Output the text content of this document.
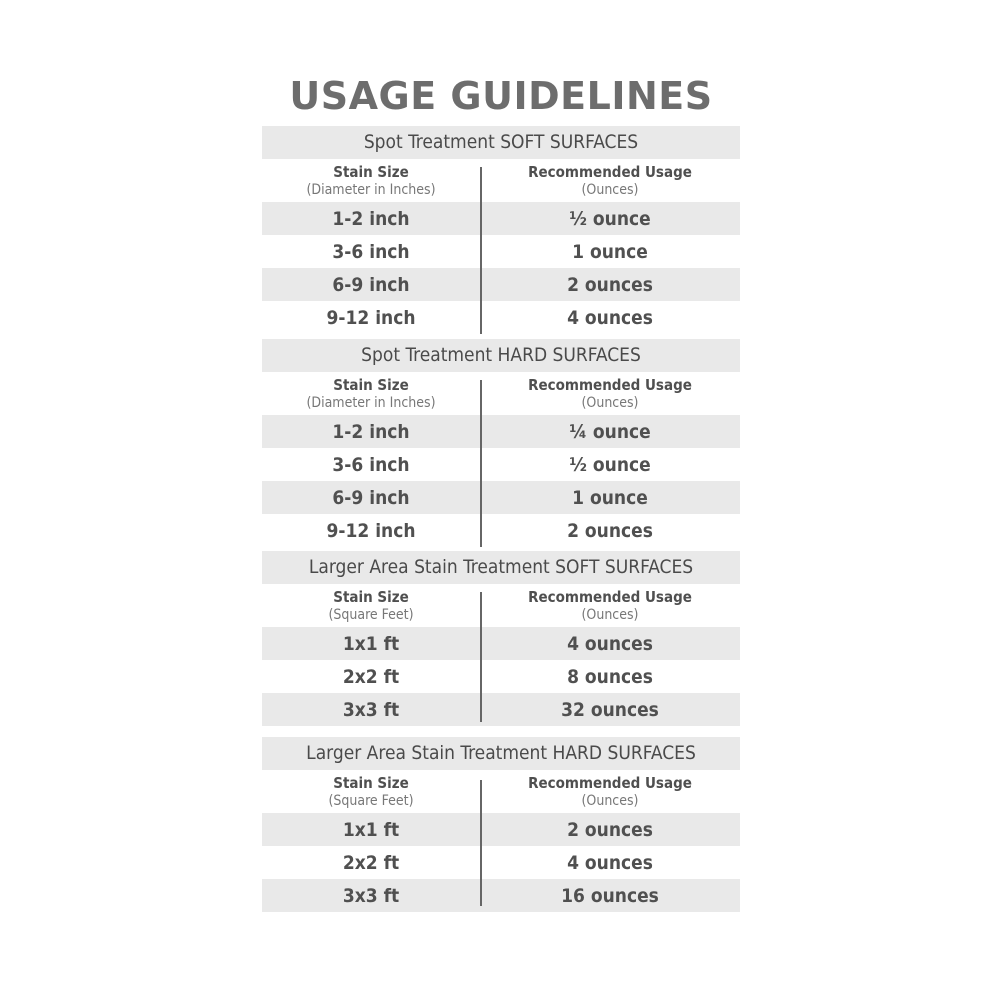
USAGE GUIDELINES
Spot Treatment SOFT SURFACES
Stain Size
(Diameter in Inches)
Recommended Usage
(Ounces)
1-2 inch	½ ounce
3-6 inch	1 ounce
6-9 inch	2 ounces
9-12 inch	4 ounces
Spot Treatment HARD SURFACES
Stain Size
(Diameter in Inches)
Recommended Usage
(Ounces)
1-2 inch	¼ ounce
3-6 inch	½ ounce
6-9 inch	1 ounce
9-12 inch	2 ounces
Larger Area Stain Treatment SOFT SURFACES
Stain Size
(Square Feet)
Recommended Usage
(Ounces)
1x1 ft	4 ounces
2x2 ft	8 ounces
3x3 ft	32 ounces
Larger Area Stain Treatment HARD SURFACES
Stain Size
(Square Feet)
Recommended Usage
(Ounces)
1x1 ft	2 ounces
2x2 ft	4 ounces
3x3 ft	16 ounces
